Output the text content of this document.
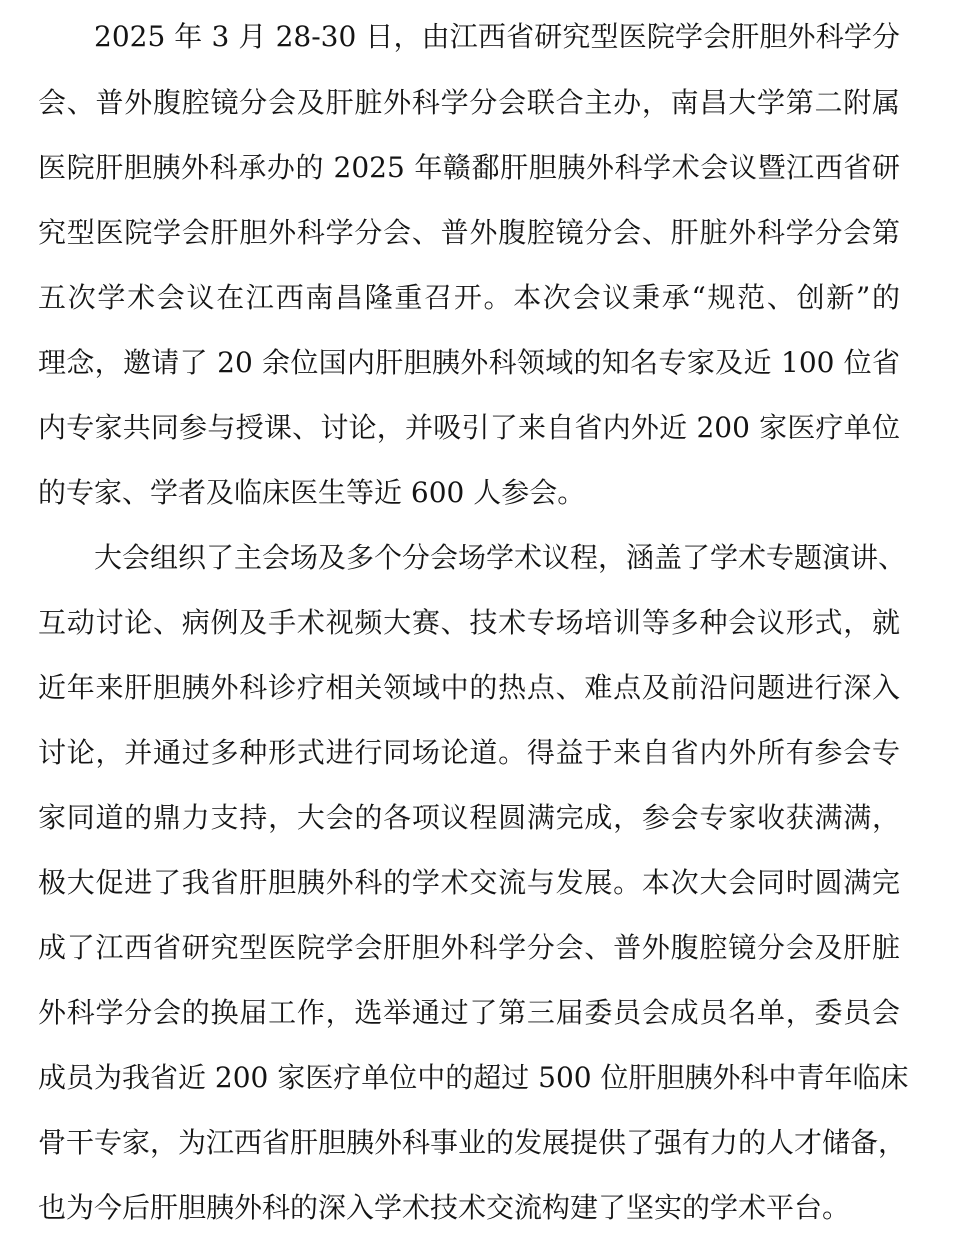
2025 年 3 月 28-30 日，由江西省研究型医院学会肝胆外科学分
会、普外腹腔镜分会及肝脏外科学分会联合主办，南昌大学第二附属
医院肝胆胰外科承办的 2025 年赣鄱肝胆胰外科学术会议暨江西省研
究型医院学会肝胆外科学分会、普外腹腔镜分会、肝脏外科学分会第
五次学术会议在江西南昌隆重召开。本次会议秉承“规范、创新”的
理念，邀请了 20 余位国内肝胆胰外科领域的知名专家及近 100 位省
内专家共同参与授课、讨论，并吸引了来自省内外近 200 家医疗单位
的专家、学者及临床医生等近 600 人参会。
大会组织了主会场及多个分会场学术议程，涵盖了学术专题演讲、
互动讨论、病例及手术视频大赛、技术专场培训等多种会议形式，就
近年来肝胆胰外科诊疗相关领域中的热点、难点及前沿问题进行深入
讨论，并通过多种形式进行同场论道。得益于来自省内外所有参会专
家同道的鼎力支持，大会的各项议程圆满完成，参会专家收获满满，
极大促进了我省肝胆胰外科的学术交流与发展。本次大会同时圆满完
成了江西省研究型医院学会肝胆外科学分会、普外腹腔镜分会及肝脏
外科学分会的换届工作，选举通过了第三届委员会成员名单，委员会
成员为我省近 200 家医疗单位中的超过 500 位肝胆胰外科中青年临床
骨干专家，为江西省肝胆胰外科事业的发展提供了强有力的人才储备，
也为今后肝胆胰外科的深入学术技术交流构建了坚实的学术平台。
